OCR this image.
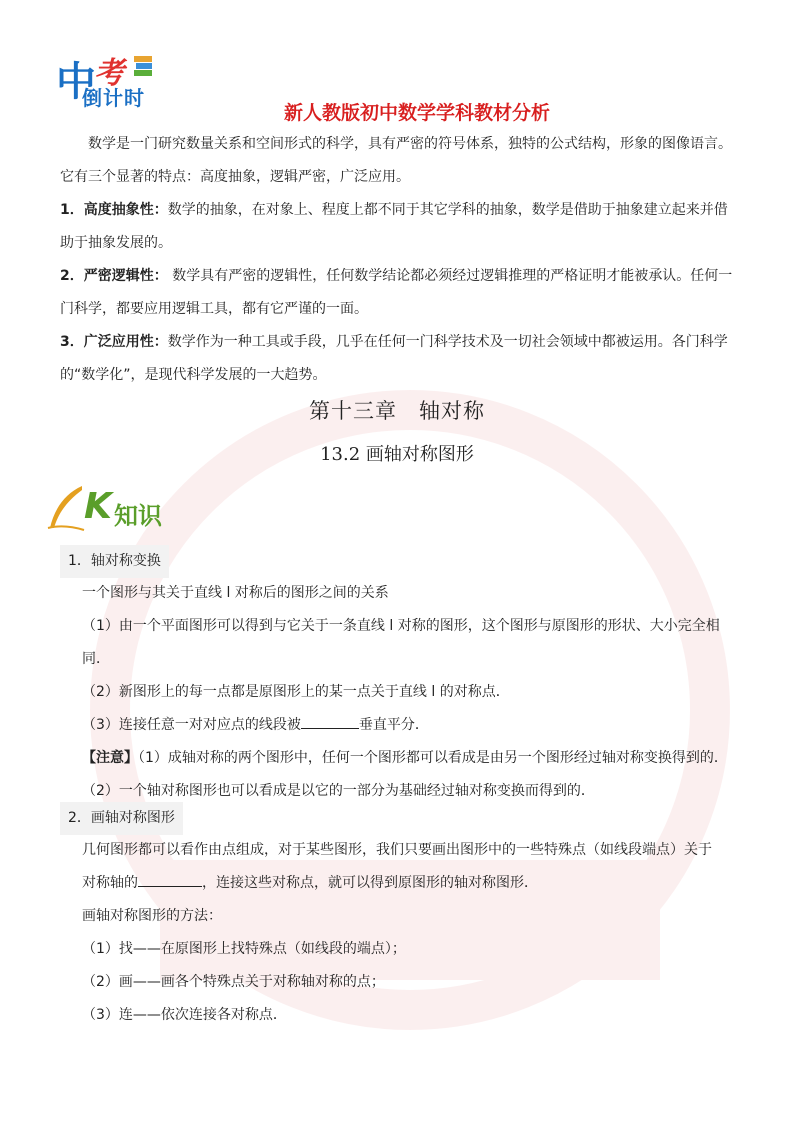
中
考
倒计时
新人教版初中数学学科教材分析

数学是一门研究数量关系和空间形式的科学，具有严密的符号体系，独特的公式结构，形象的图像语言。它有三个显著的特点：高度抽象，逻辑严密，广泛应用。

1．高度抽象性：数学的抽象，在对象上、程度上都不同于其它学科的抽象，数学是借助于抽象建立起来并借助于抽象发展的。

2．严密逻辑性： 数学具有严密的逻辑性，任何数学结论都必须经过逻辑推理的严格证明才能被承认。任何一门科学，都要应用逻辑工具，都有它严谨的一面。

3．广泛应用性：数学作为一种工具或手段，几乎在任何一门科学技术及一切社会领域中都被运用。各门科学的“数学化”，是现代科学发展的一大趋势。

第十三章　轴对称
13.2 画轴对称图形
K 知识
1．轴对称变换

一个图形与其关于直线 l 对称后的图形之间的关系

（1）由一个平面图形可以得到与它关于一条直线 l 对称的图形，这个图形与原图形的形状、大小完全相同．

（2）新图形上的每一点都是原图形上的某一点关于直线 l 的对称点．

（3）连接任意一对对应点的线段被	垂直平分．

【注意】（1）成轴对称的两个图形中，任何一个图形都可以看成是由另一个图形经过轴对称变换得到的．

（2）一个轴对称图形也可以看成是以它的一部分为基础经过轴对称变换而得到的．

2．画轴对称图形

几何图形都可以看作由点组成，对于某些图形，我们只要画出图形中的一些特殊点（如线段端点）关于

对称轴的	，连接这些对称点，就可以得到原图形的轴对称图形．

画轴对称图形的方法：

（1）找——在原图形上找特殊点（如线段的端点）；

（2）画——画各个特殊点关于对称轴对称的点；

（3）连——依次连接各对称点．
